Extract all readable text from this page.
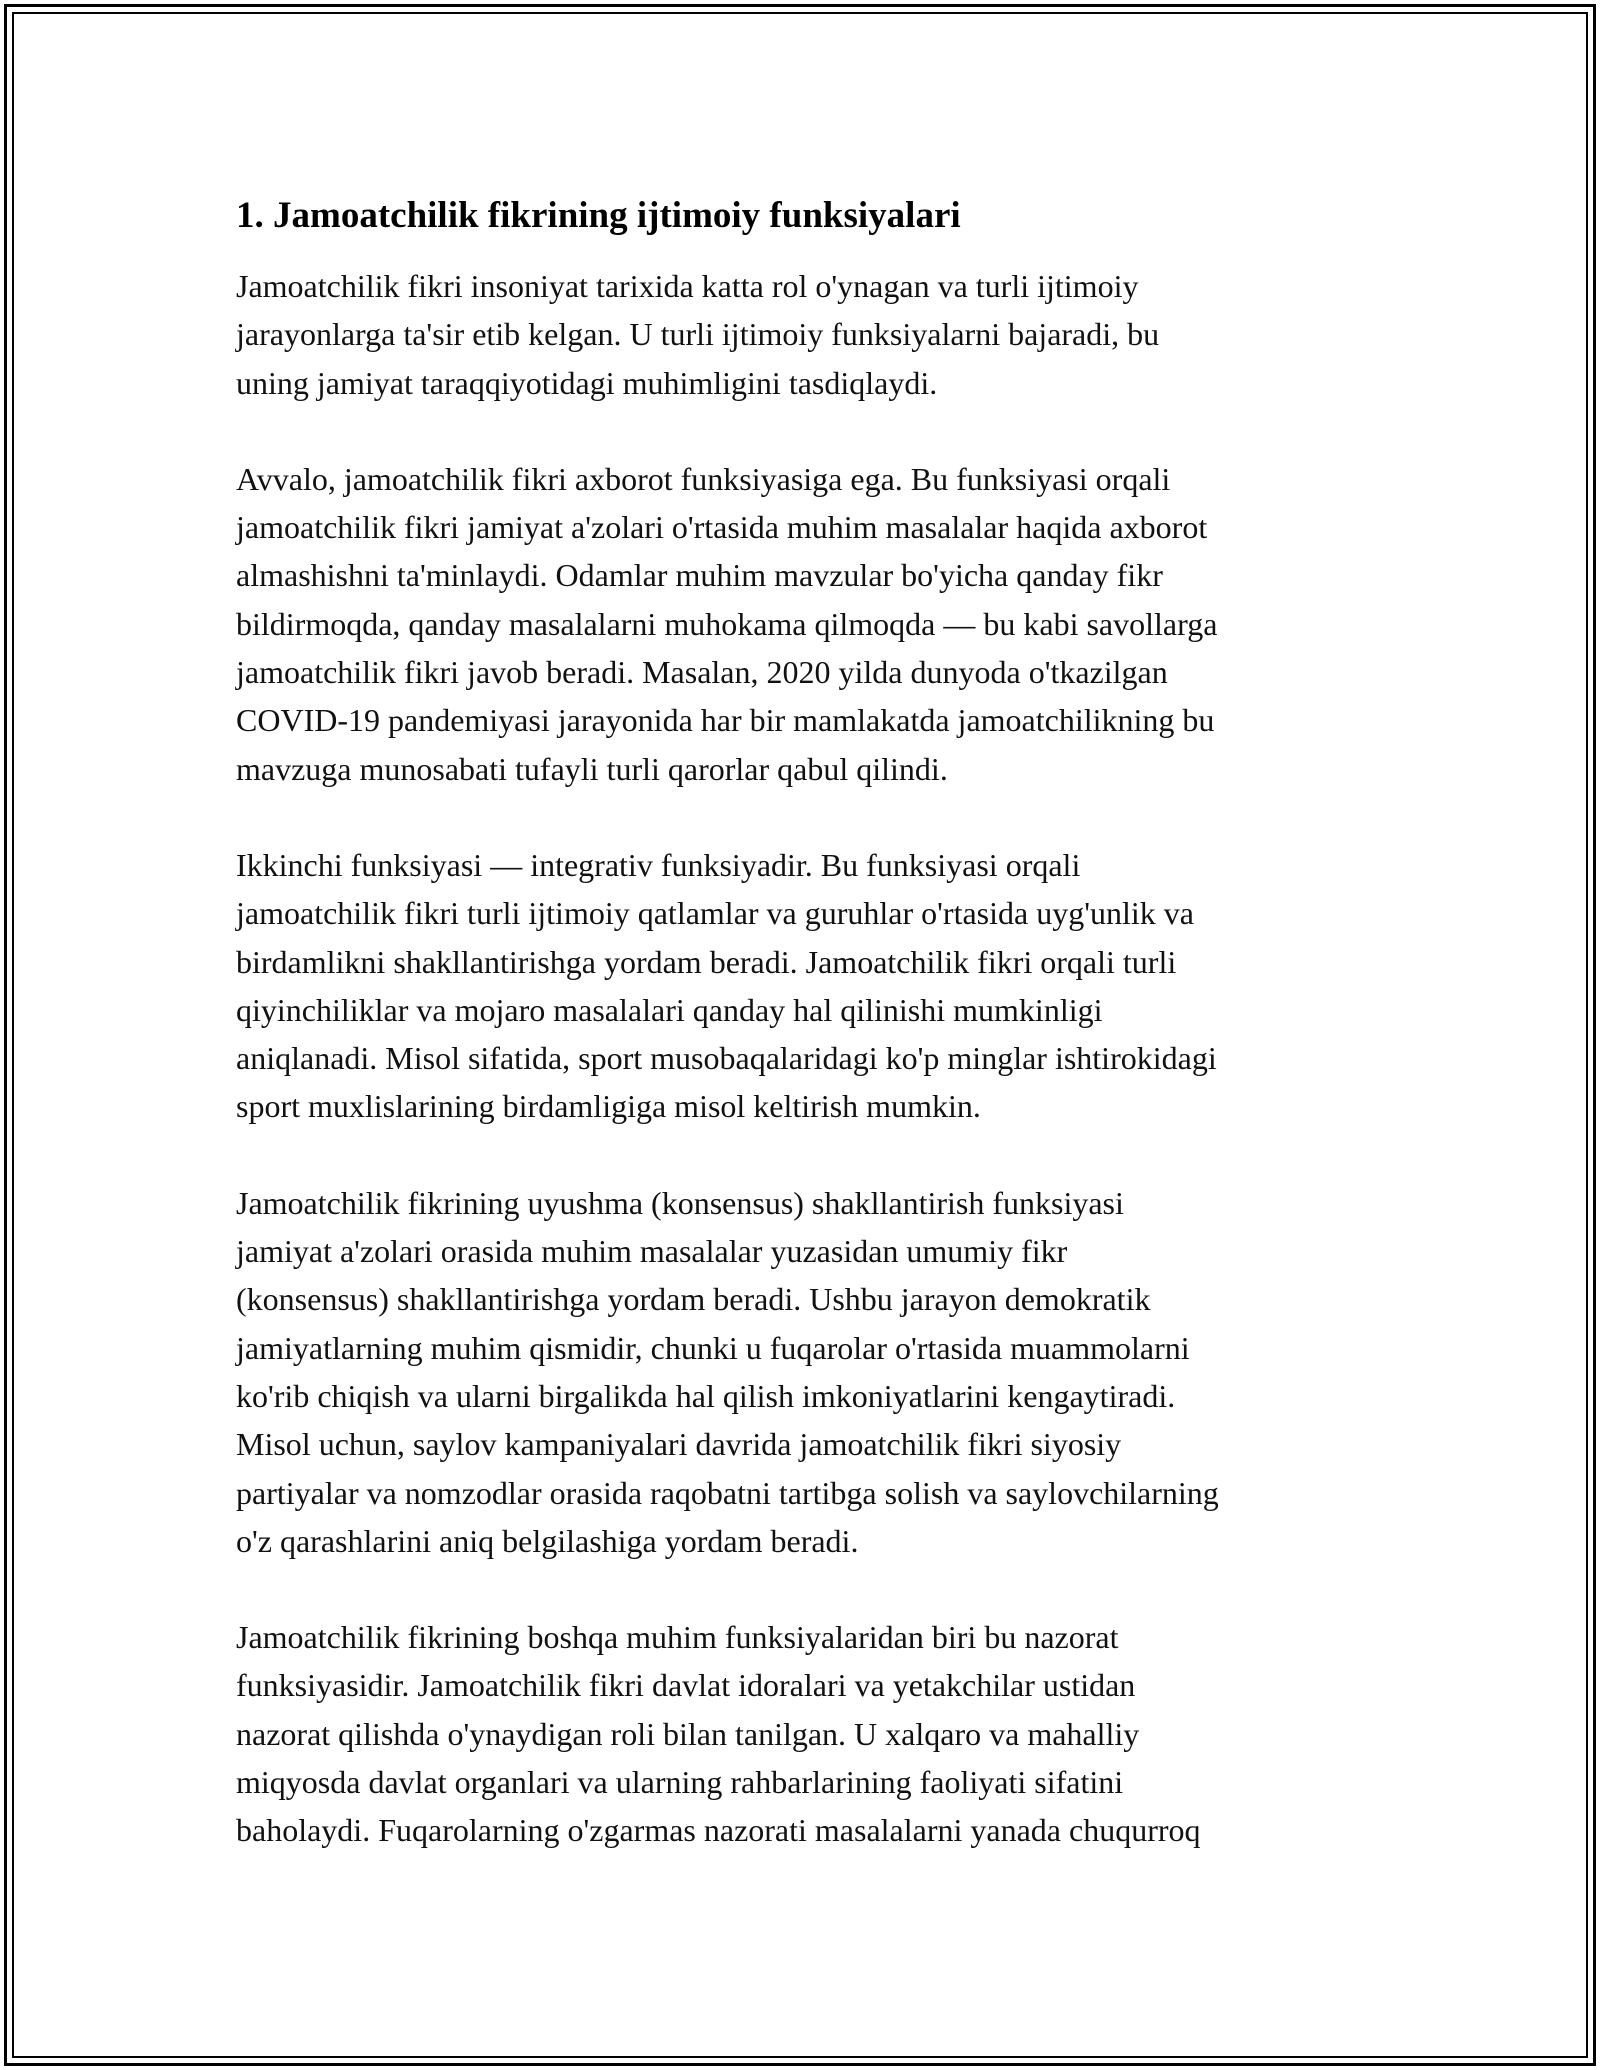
1. Jamoatchilik fikrining ijtimoiy funksiyalari
Jamoatchilik fikri insoniyat tarixida katta rol o'ynagan va turli ijtimoiy
jarayonlarga ta'sir etib kelgan. U turli ijtimoiy funksiyalarni bajaradi, bu
uning jamiyat taraqqiyotidagi muhimligini tasdiqlaydi.
Avvalo, jamoatchilik fikri axborot funksiyasiga ega. Bu funksiyasi orqali
jamoatchilik fikri jamiyat a'zolari o'rtasida muhim masalalar haqida axborot
almashishni ta'minlaydi. Odamlar muhim mavzular bo'yicha qanday fikr
bildirmoqda, qanday masalalarni muhokama qilmoqda — bu kabi savollarga
jamoatchilik fikri javob beradi. Masalan, 2020 yilda dunyoda o'tkazilgan
COVID-19 pandemiyasi jarayonida har bir mamlakatda jamoatchilikning bu
mavzuga munosabati tufayli turli qarorlar qabul qilindi.
Ikkinchi funksiyasi — integrativ funksiyadir. Bu funksiyasi orqali
jamoatchilik fikri turli ijtimoiy qatlamlar va guruhlar o'rtasida uyg'unlik va
birdamlikni shakllantirishga yordam beradi. Jamoatchilik fikri orqali turli
qiyinchiliklar va mojaro masalalari qanday hal qilinishi mumkinligi
aniqlanadi. Misol sifatida, sport musobaqalaridagi ko'p minglar ishtirokidagi
sport muxlislarining birdamligiga misol keltirish mumkin.
Jamoatchilik fikrining uyushma (konsensus) shakllantirish funksiyasi
jamiyat a'zolari orasida muhim masalalar yuzasidan umumiy fikr
(konsensus) shakllantirishga yordam beradi. Ushbu jarayon demokratik
jamiyatlarning muhim qismidir, chunki u fuqarolar o'rtasida muammolarni
ko'rib chiqish va ularni birgalikda hal qilish imkoniyatlarini kengaytiradi.
Misol uchun, saylov kampaniyalari davrida jamoatchilik fikri siyosiy
partiyalar va nomzodlar orasida raqobatni tartibga solish va saylovchilarning
o'z qarashlarini aniq belgilashiga yordam beradi.
Jamoatchilik fikrining boshqa muhim funksiyalaridan biri bu nazorat
funksiyasidir. Jamoatchilik fikri davlat idoralari va yetakchilar ustidan
nazorat qilishda o'ynaydigan roli bilan tanilgan. U xalqaro va mahalliy
miqyosda davlat organlari va ularning rahbarlarining faoliyati sifatini
baholaydi. Fuqarolarning o'zgarmas nazorati masalalarni yanada chuqurroq
